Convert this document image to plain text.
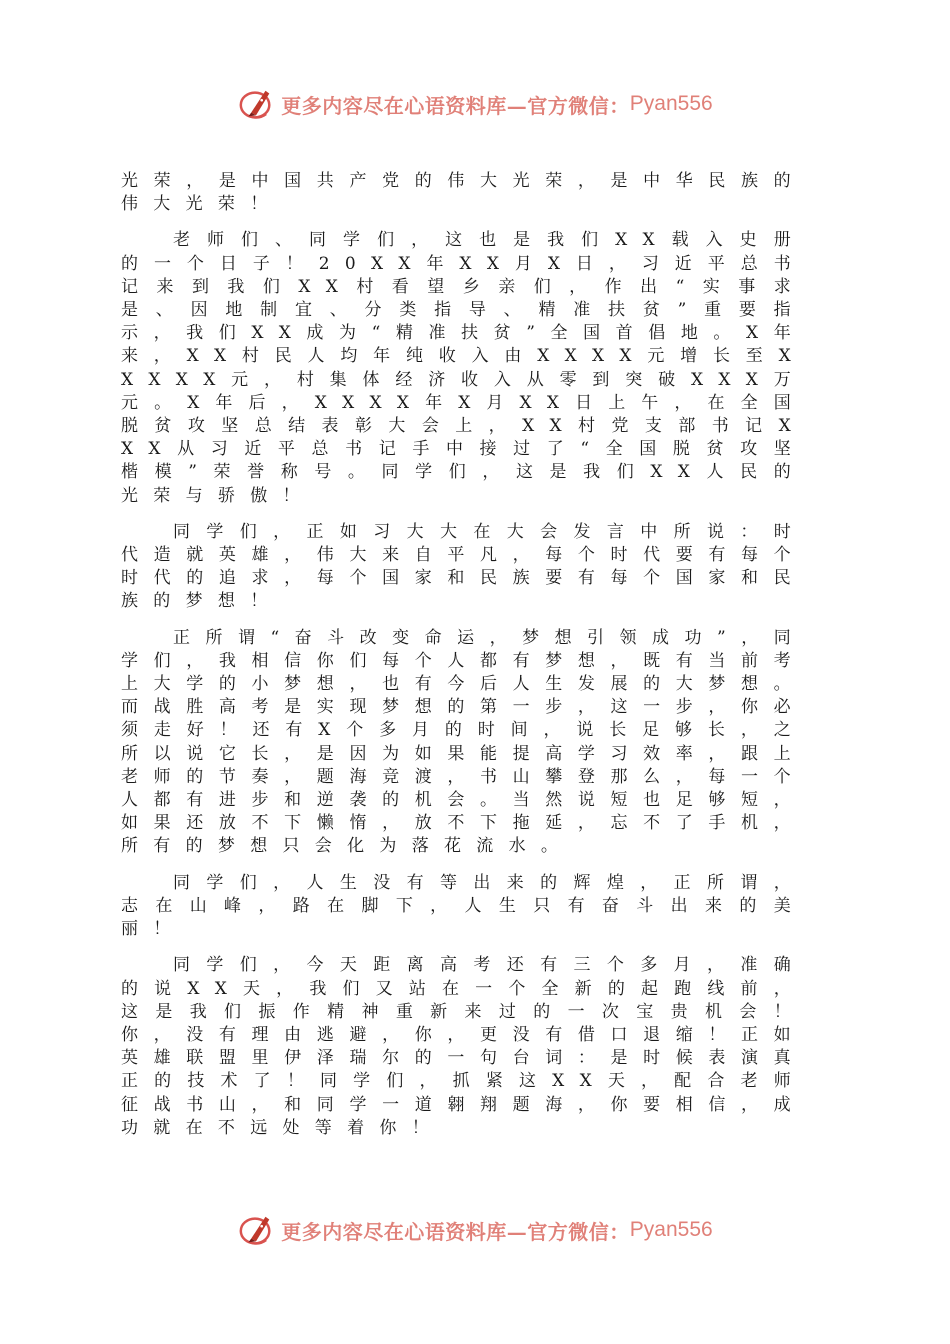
更多内容尽在心语资料库—官方微信： Pyan556

光荣，是中国共产党的伟大光荣，是中华民族的伟大光荣！

老师们、同学们，这也是我们XX载入史册的一个日子！20XX年XX月X日，习近平总书记来到我们XX村看望乡亲们，作出“实事求是、因地制宜、分类指导、精准扶贫”重要指示，我们XX成为“精准扶贫”全国首倡地。X年来，XX村民人均年纯收入由XXXX元增长至XXXXX元，村集体经济收入从零到突破XXX万元。X年后，XXXX年X月XX日上午，在全国脱贫攻坚总结表彰大会上，XX村党支部书记XXX从习近平总书记手中接过了“全国脱贫攻坚楷模”荣誉称号。同学们，这是我们XX人民的光荣与骄傲！

同学们，正如习大大在大会发言中所说：时代造就英雄，伟大来自平凡，每个时代要有每个时代的追求，每个国家和民族要有每个国家和民族的梦想！

正所谓“奋斗改变命运，梦想引领成功”，同学们，我相信你们每个人都有梦想，既有当前考上大学的小梦想，也有今后人生发展的大梦想。而战胜高考是实现梦想的第一步，这一步，你必须走好！还有X个多月的时间，说长足够长，之所以说它长，是因为如果能提高学习效率，跟上老师的节奏，题海竞渡，书山攀登那么，每一个人都有进步和逆袭的机会。当然说短也足够短，如果还放不下懒惰，放不下拖延，忘不了手机，所有的梦想只会化为落花流水。

同学们，人生没有等出来的辉煌，正所谓，志在山峰，路在脚下，人生只有奋斗出来的美丽！

同学们，今天距离高考还有三个多月，准确的说XX天，我们又站在一个全新的起跑线前，这是我们振作精神重新来过的一次宝贵机会！你，没有理由逃避，你，更没有借口退缩！正如英雄联盟里伊泽瑞尔的一句台词：是时候表演真正的技术了！同学们，抓紧这XX天，配合老师征战书山，和同学一道翱翔题海，你要相信，成功就在不远处等着你！

更多内容尽在心语资料库—官方微信： Pyan556
